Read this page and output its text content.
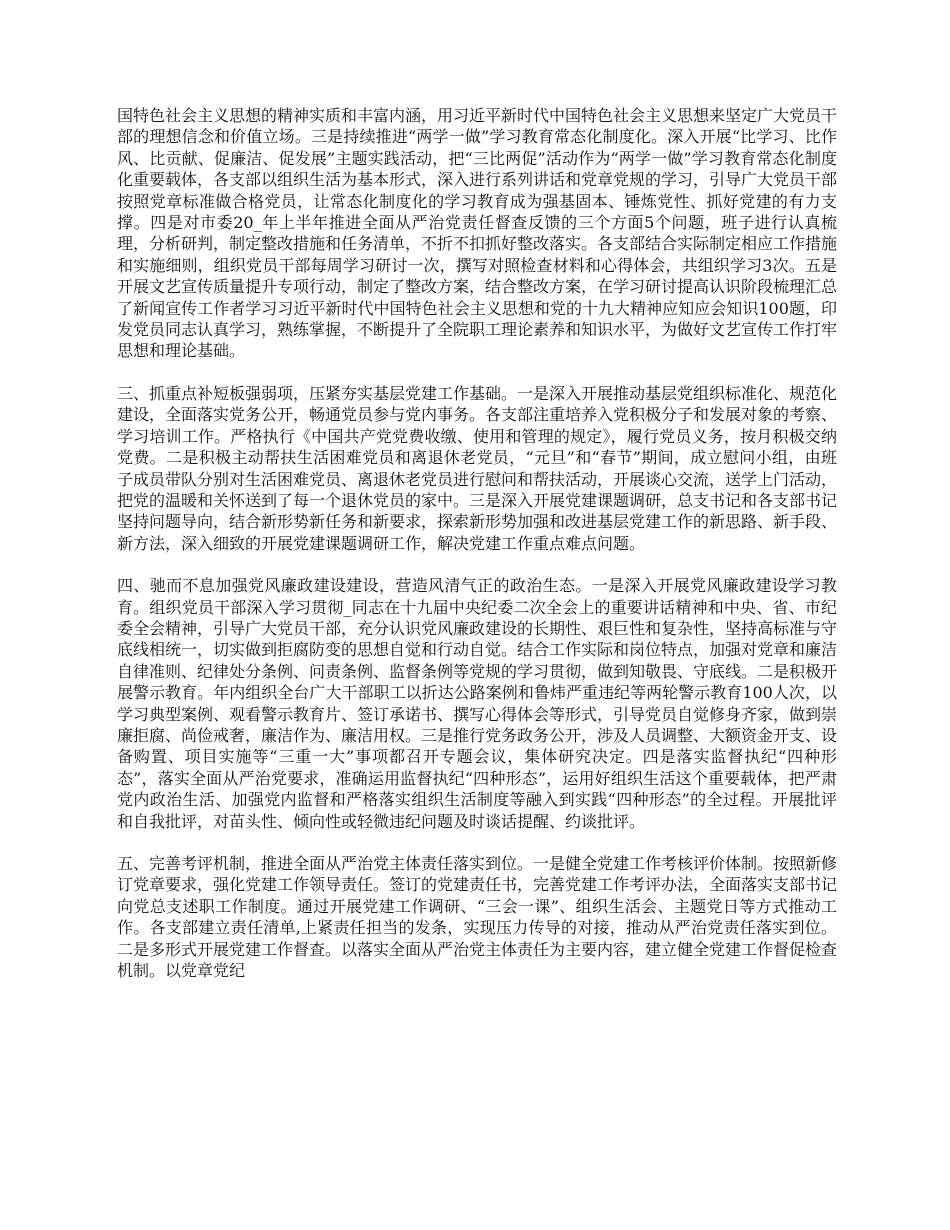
国特色社会主义思想的精神实质和丰富内涵，用习近平新时代中国特色社会主义思想来坚定广大党员干部的理想信念和价值立场。三是持续推进“两学一做”学习教育常态化制度化。深入开展“比学习、比作风、比贡献、促廉洁、促发展”主题实践活动，把“三比两促”活动作为“两学一做”学习教育常态化制度化重要载体，各支部以组织生活为基本形式，深入进行系列讲话和党章党规的学习，引导广大党员干部按照党章标准做合格党员，让常态化制度化的学习教育成为强基固本、锤炼党性、抓好党建的有力支撑。四是对市委20_年上半年推进全面从严治党责任督查反馈的三个方面5个问题，班子进行认真梳理，分析研判，制定整改措施和任务清单，不折不扣抓好整改落实。各支部结合实际制定相应工作措施和实施细则，组织党员干部每周学习研讨一次，撰写对照检查材料和心得体会，共组织学习3次。五是开展文艺宣传质量提升专项行动，制定了整改方案，结合整改方案，在学习研讨提高认识阶段梳理汇总了新闻宣传工作者学习习近平新时代中国特色社会主义思想和党的十九大精神应知应会知识100题，印发党员同志认真学习，熟练掌握，不断提升了全院职工理论素养和知识水平，为做好文艺宣传工作打牢思想和理论基础。

三、抓重点补短板强弱项，压紧夯实基层党建工作基础。一是深入开展推动基层党组织标准化、规范化建设，全面落实党务公开，畅通党员参与党内事务。各支部注重培养入党积极分子和发展对象的考察、学习培训工作。严格执行《中国共产党党费收缴、使用和管理的规定》，履行党员义务，按月积极交纳党费。二是积极主动帮扶生活困难党员和离退休老党员，“元旦”和“春节”期间，成立慰问小组，由班子成员带队分别对生活困难党员、离退休老党员进行慰问和帮扶活动，开展谈心交流，送学上门活动，把党的温暖和关怀送到了每一个退休党员的家中。三是深入开展党建课题调研，总支书记和各支部书记坚持问题导向，结合新形势新任务和新要求，探索新形势加强和改进基层党建工作的新思路、新手段、新方法，深入细致的开展党建课题调研工作，解决党建工作重点难点问题。

四、驰而不息加强党风廉政建设建设，营造风清气正的政治生态。一是深入开展党风廉政建设学习教育。组织党员干部深入学习贯彻_同志在十九届中央纪委二次全会上的重要讲话精神和中央、省、市纪委全会精神，引导广大党员干部，充分认识党风廉政建设的长期性、艰巨性和复杂性，坚持高标准与守底线相统一，切实做到拒腐防变的思想自觉和行动自觉。结合工作实际和岗位特点，加强对党章和廉洁自律准则、纪律处分条例、问责条例、监督条例等党规的学习贯彻，做到知敬畏、守底线。二是积极开展警示教育。年内组织全台广大干部职工以折达公路案例和鲁炜严重违纪等两轮警示教育100人次，以学习典型案例、观看警示教育片、签订承诺书、撰写心得体会等形式，引导党员自觉修身齐家，做到崇廉拒腐、尚俭戒奢，廉洁作为、廉洁用权。三是推行党务政务公开，涉及人员调整、大额资金开支、设备购置、项目实施等“三重一大”事项都召开专题会议，集体研究决定。四是落实监督执纪“四种形态”，落实全面从严治党要求，准确运用监督执纪“四种形态”，运用好组织生活这个重要载体，把严肃党内政治生活、加强党内监督和严格落实组织生活制度等融入到实践“四种形态”的全过程。开展批评和自我批评，对苗头性、倾向性或轻微违纪问题及时谈话提醒、约谈批评。

五、完善考评机制，推进全面从严治党主体责任落实到位。一是健全党建工作考核评价体制。按照新修订党章要求，强化党建工作领导责任。签订的党建责任书，完善党建工作考评办法，全面落实支部书记向党总支述职工作制度。通过开展党建工作调研、“三会一课”、组织生活会、主题党日等方式推动工作。各支部建立责任清单,上紧责任担当的发条，实现压力传导的对接，推动从严治党责任落实到位。二是多形式开展党建工作督查。以落实全面从严治党主体责任为主要内容，建立健全党建工作督促检查机制。以党章党纪
